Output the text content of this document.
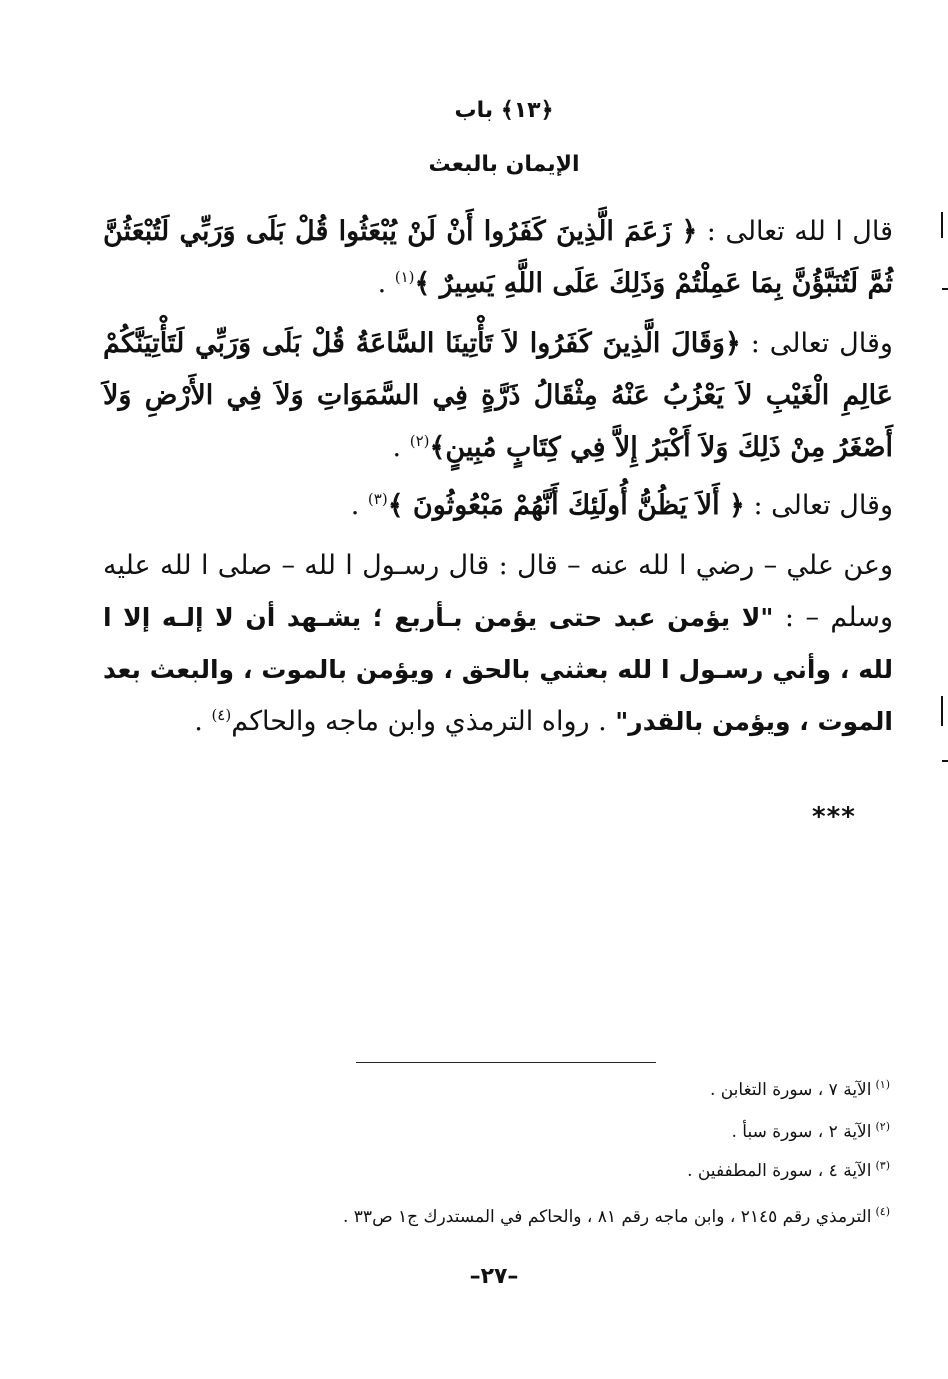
﴿١٣﴾ باب
الإيمان بالبعث
قال ا لله تعالى : ﴿ زَعَمَ الَّذِينَ كَفَرُوا أَنْ لَنْ يُبْعَثُوا قُلْ بَلَى وَرَبِّي لَتُبْعَثُنَّ ثُمَّ لَتُنَبَّؤُنَّ بِمَا عَمِلْتُمْ وَذَلِكَ عَلَى اللَّهِ يَسِيرٌ ﴾$^{(١)}$ .
وقال تعالى : ﴿وَقَالَ الَّذِينَ كَفَرُوا لاَ تَأْتِينَا السَّاعَةُ قُلْ بَلَى وَرَبِّي لَتَأْتِيَنَّكُمْ عَالِمِ الْغَيْبِ لاَ يَعْزُبُ عَنْهُ مِثْقَالُ ذَرَّةٍ فِي السَّمَوَاتِ وَلاَ فِي الأَرْضِ وَلاَ أَصْغَرُ مِنْ ذَلِكَ وَلاَ أَكْبَرُ إِلاَّ فِي كِتَابٍ مُبِينٍ﴾$^{(٢)}$ .
وقال تعالى : ﴿ أَلاَ يَظُنُّ أُولَئِكَ أَنَّهُمْ مَبْعُوثُونَ ﴾$^{(٣)}$ .
وعن علي – رضي ا لله عنه – قال : قال رسـول ا لله – صلى ا لله عليه وسلم – : "لا يؤمن عبد حتى يؤمن بـأربع ؛ يشـهد أن لا إلـه إلا ا لله ، وأني رسـول ا لله بعثني بالحق ، ويؤمن بالموت ، والبعث بعد الموت ، ويؤمن بالقدر" . رواه الترمذي وابن ماجه والحاكم$^{(٤)}$ .
***
$^{(١)}$الآية ٧ ، سورة التغابن .
$^{(٢)}$الآية ٢ ، سورة سبأ .
$^{(٣)}$الآية ٤ ، سورة المطففين .
$^{(٤)}$الترمذي رقم ٢١٤٥ ، وابن ماجه رقم ٨١ ، والحاكم في المستدرك ج١ ص٣٣ .
–٢٧–
